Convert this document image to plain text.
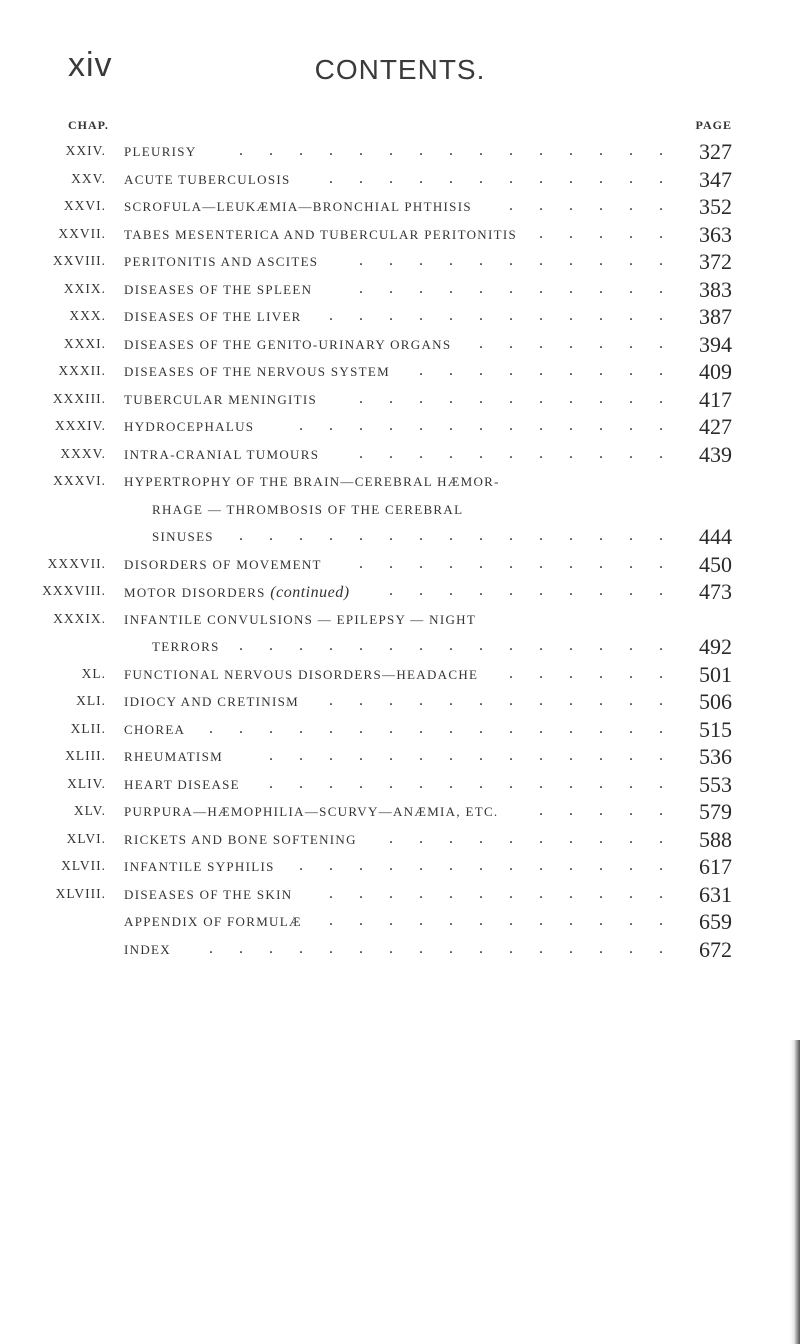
xiv	CONTENTS.
CHAP.	PAGE
XXIV. PLEURISY	............... 327
XXV. ACUTE TUBERCULOSIS ............ 347
XXVI. SCROFULA—LEUKÆMIA—BRONCHIAL PHTHISIS ...... 352
XXVII. TABES MESENTERICA AND TUBERCULAR PERITONITIS ..... 363
XXVIII. PERITONITIS AND ASCITES	........... 372
XXIX. DISEASES OF THE SPLEEN	........... 383
XXX. DISEASES OF THE LIVER ............ 387
XXXI. DISEASES OF THE GENITO-URINARY ORGANS ....... 394
XXXII. DISEASES OF THE NERVOUS SYSTEM ......... 409
XXXIII. TUBERCULAR MENINGITIS	........... 417
XXXIV. HYDROCEPHALUS	............. 427
XXXV. INTRA-CRANIAL TUMOURS ........... 439
XXXVI. HYPERTROPHY OF THE BRAIN—CEREBRAL HÆMOR-
RHAGE — THROMBOSIS OF THE CEREBRAL
SINUSES ............... 444
XXXVII. DISORDERS OF MOVEMENT ........... 450
XXXVIII. MOTOR DISORDERS (continued) .......... 473
XXXIX. INFANTILE CONVULSIONS — EPILEPSY — NIGHT
TERRORS ............... 492
XL. FUNCTIONAL NERVOUS DISORDERS—HEADACHE ...... 501
XLI. IDIOCY AND CRETINISM ............ 506
XLII. CHOREA ................ 515
XLIII. RHEUMATISM	.............. 536
XLIV. HEART DISEASE .............. 553
XLV. PURPURA—HÆMOPHILIA—SCURVY—ANÆMIA, ETC.	..... 579
XLVI. RICKETS AND BONE SOFTENING .......... 588
XLVII. INFANTILE SYPHILIS ............. 617
XLVIII. DISEASES OF THE SKIN ............ 631
APPENDIX OF FORMULÆ ............ 659
INDEX ................ 672
